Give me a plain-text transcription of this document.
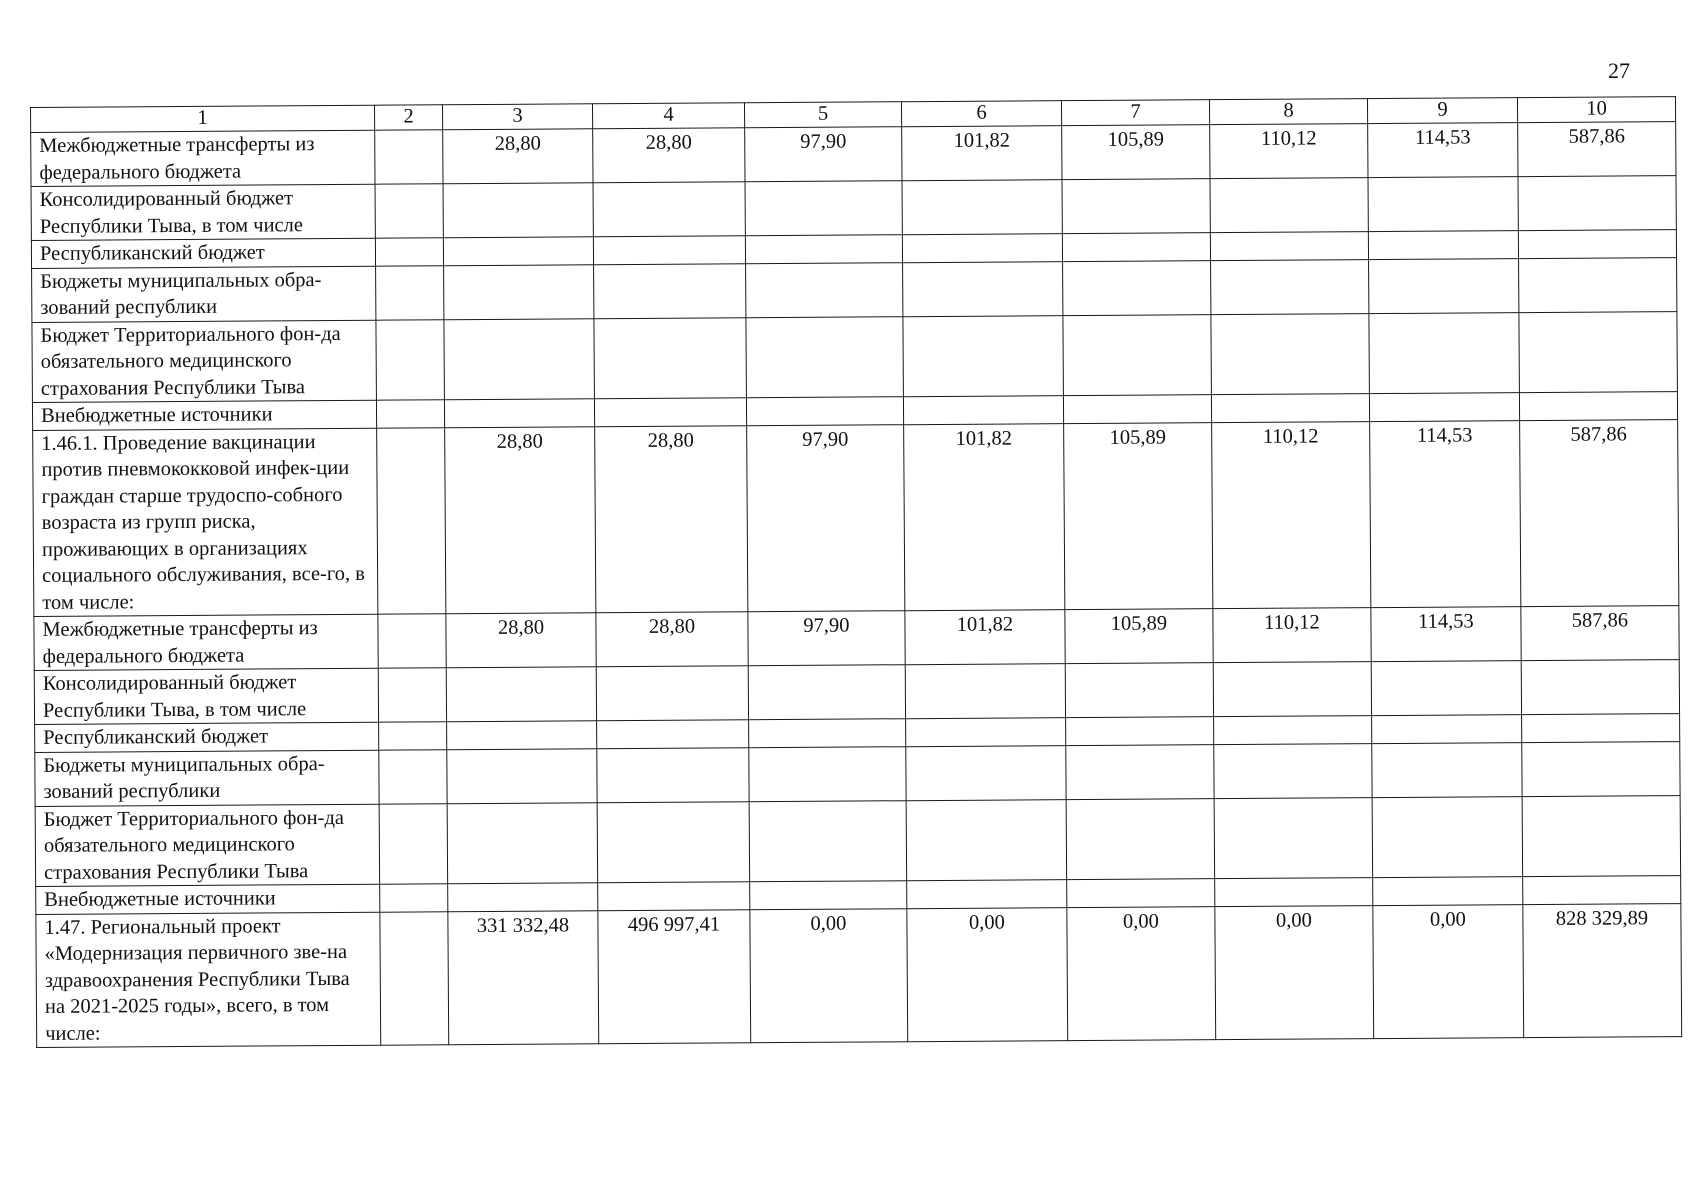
27
1	2	3	4	5	6	7	8	9	10
Межбюджетные трансферты из федерального бюджета		28,80	28,80	97,90	101,82	105,89	110,12	114,53	587,86
Консолидированный бюджет Республики Тыва, в том числе									
Республиканский бюджет									
Бюджеты муниципальных обра-зований республики									
Бюджет Территориального фон-да обязательного медицинского страхования Республики Тыва									
Внебюджетные источники									
1.46.1. Проведение вакцинации против пневмококковой инфек-ции граждан старше трудоспо-собного возраста из групп риска, проживающих в организациях социального обслуживания, все-го, в том числе:		28,80	28,80	97,90	101,82	105,89	110,12	114,53	587,86
Межбюджетные трансферты из федерального бюджета		28,80	28,80	97,90	101,82	105,89	110,12	114,53	587,86
Консолидированный бюджет Республики Тыва, в том числе									
Республиканский бюджет									
Бюджеты муниципальных обра-зований республики									
Бюджет Территориального фон-да обязательного медицинского страхования Республики Тыва									
Внебюджетные источники									
1.47. Региональный проект «Модернизация первичного зве-на здравоохранения Республики Тыва на 2021-2025 годы», всего, в том числе:		331 332,48	496 997,41	0,00	0,00	0,00	0,00	0,00	828 329,89
